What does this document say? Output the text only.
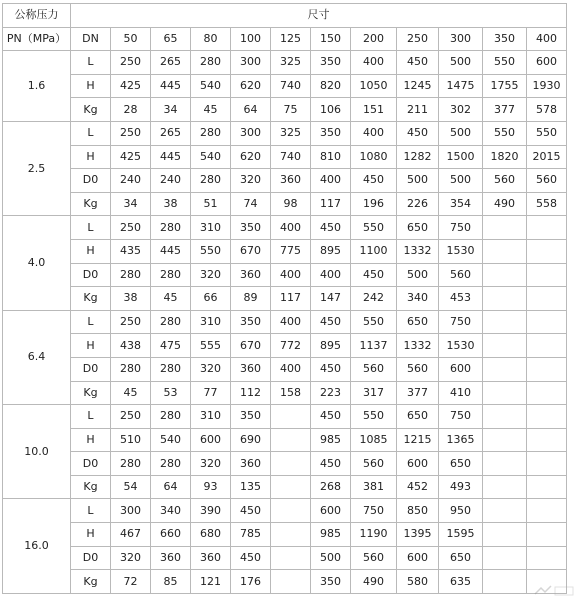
公称压力	尺寸											
PN（MPa）	DN	50	65	80	100	125	150	200	250	300	350	400
1.6	L	250	265	280	300	325	350	400	450	500	550	600
	H	425	445	540	620	740	820	1050	1245	1475	1755	1930
	Kg	28	34	45	64	75	106	151	211	302	377	578
2.5	L	250	265	280	300	325	350	400	450	500	550	550
	H	425	445	540	620	740	810	1080	1282	1500	1820	2015
	D0	240	240	280	320	360	400	450	500	500	560	560
	Kg	34	38	51	74	98	117	196	226	354	490	558
4.0	L	250	280	310	350	400	450	550	650	750		
	H	435	445	550	670	775	895	1100	1332	1530		
	D0	280	280	320	360	400	400	450	500	560		
	Kg	38	45	66	89	117	147	242	340	453		
6.4	L	250	280	310	350	400	450	550	650	750		
	H	438	475	555	670	772	895	1137	1332	1530		
	D0	280	280	320	360	400	450	560	560	600		
	Kg	45	53	77	112	158	223	317	377	410		
10.0	L	250	280	310	350		450	550	650	750		
	H	510	540	600	690		985	1085	1215	1365		
	D0	280	280	320	360		450	560	600	650		
	Kg	54	64	93	135		268	381	452	493		
16.0	L	300	340	390	450		600	750	850	950		
	H	467	660	680	785		985	1190	1395	1595		
	D0	320	360	360	450		500	560	600	650		
	Kg	72	85	121	176		350	490	580	635		
